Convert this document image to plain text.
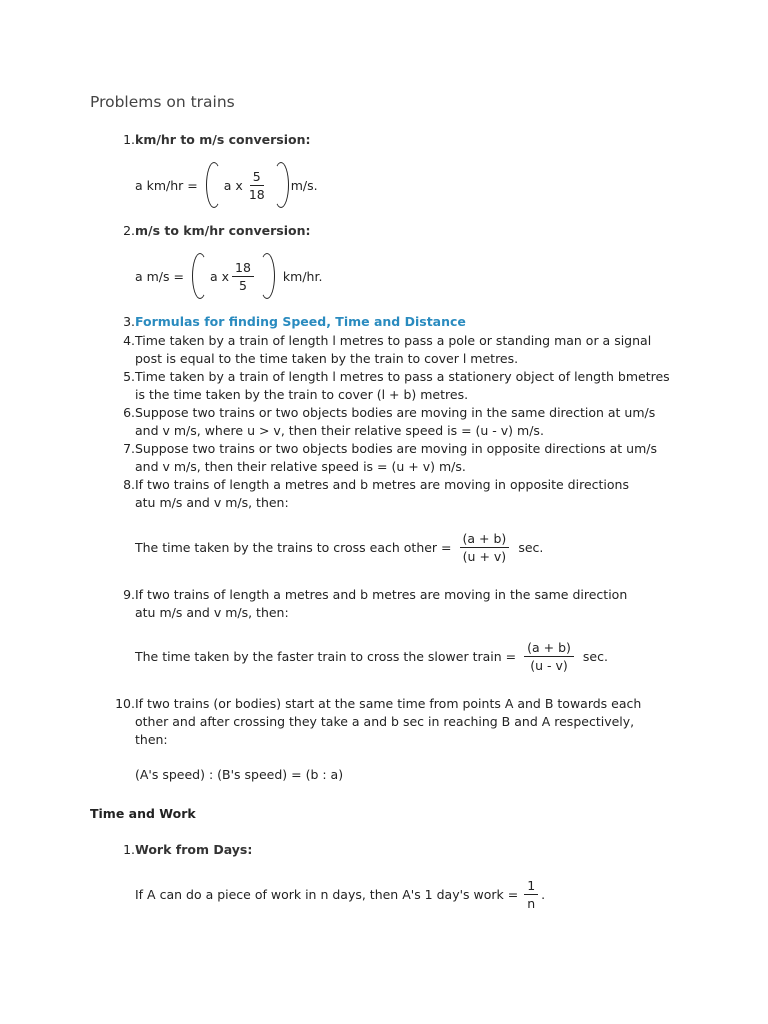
Problems on trains
1. km/hr to m/s conversion:
a km/hr = a x $\frac{5}{18} m/s$.
2. m/s to km/hr conversion:
a m/s = a x $\frac{18}{5} km/hr$.
3. Formulas for finding Speed, Time and Distance
4. Time taken by a train of length l metres to pass a pole or standing man or a signal
post is equal to the time taken by the train to cover l metres.
5. Time taken by a train of length l metres to pass a stationery object of length bmetres
is the time taken by the train to cover (l + b) metres.
6. Suppose two trains or two objects bodies are moving in the same direction at um/s
and v m/s, where u > v, then their relative speed is = (u - v) m/s.
7. Suppose two trains or two objects bodies are moving in opposite directions at um/s
and v m/s, then their relative speed is = (u + v) m/s.
8. If two trains of length a metres and b metres are moving in opposite directions
atu m/s and v m/s, then:
The time taken by the trains to cross each other = $\frac{(a + b)}{(u + v)} \sec$.
9. If two trains of length a metres and b metres are moving in the same direction
atu m/s and v m/s, then:
The time taken by the faster train to cross the slower train = $\frac{(a + b)}{(u - v)} \sec$.
10. If two trains (or bodies) start at the same time from points A and B towards each
other and after crossing they take a and b sec in reaching B and A respectively,
then:
(A's speed) : (B's speed) = (b : a)
Time and Work
1. Work from Days:
If A can do a piece of work in n days, then A's 1 day's work = $\frac{1}{n}$ .
